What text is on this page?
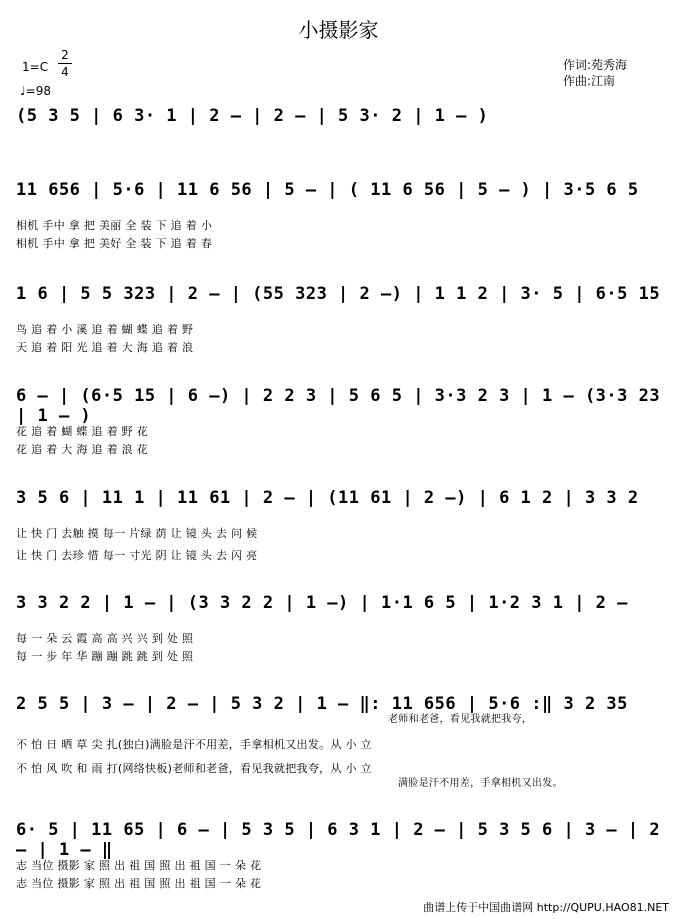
小摄影家
1=C
2
4
♩=98
作词:苑秀海
作曲:江南
(5 3 5 | 6 3· 1 | 2 — | 2 — | 5 3· 2 | 1 — )
11 656 | 5·6 | 11 6 56 | 5 — | ( 11 6 56 | 5 — ) | 3·5 6 5
相机 手中 拿 把 美丽 全 装 下 追 着 小
相机 手中 拿 把 美好 全 装 下 追 着 春
1 6 | 5 5 323 | 2 — | (55 323 | 2 —) | 1 1 2 | 3· 5 | 6·5 15
鸟 追 着 小 溪 追 着 蝴 蝶 追 着 野
天 追 着 阳 光 追 着 大 海 追 着 浪
6 — | (6·5 15 | 6 —) | 2 2 3 | 5 6 5 | 3·3 2 3 | 1 — (3·3 23 | 1 — )
花 追 着 蝴 蝶 追 着 野 花
花 追 着 大 海 追 着 浪 花
3 5 6 | 11 1 | 11 61 | 2 — | (11 61 | 2 —) | 6 1 2 | 3 3 2
让 快 门 去触 摸 每一 片绿 荫 让 镜 头 去 问 候
让 快 门 去珍 惜 每一 寸光 阴 让 镜 头 去 闪 亮
3 3 2 2 | 1 — | (3 3 2 2 | 1 —) | 1·1 6 5 | 1·2 3 1 | 2 —
每 一 朵 云 霞 高 高 兴 兴 到 处 照
每 一 步 年 华 蹦 蹦 跳 跳 到 处 照
2 5 5 | 3 — | 2 — | 5 3 2 | 1 — ‖: 11 656 | 5·6 :‖ 3 2 35
老师和老爸，看见我就把我夸，
不 怕 日 晒 草 尖 扎(独白)满脸是汗不用差，手拿相机又出发。从 小 立
不 怕 风 吹 和 雨 打(网络快板)老师和老爸，看见我就把我夸，从 小 立
满脸是汗不用差，手拿相机又出发。
6· 5 | 11 65 | 6 — | 5 3 5 | 6 3 1 | 2 — | 5 3 5 6 | 3 — | 2 — | 1 — ‖
志 当位 摄影 家 照 出 祖 国 照 出 祖 国 一 朵 花
志 当位 摄影 家 照 出 祖 国 照 出 祖 国 一 朵 花
曲谱上传于中国曲谱网 http://QUPU.HAO81.NET
